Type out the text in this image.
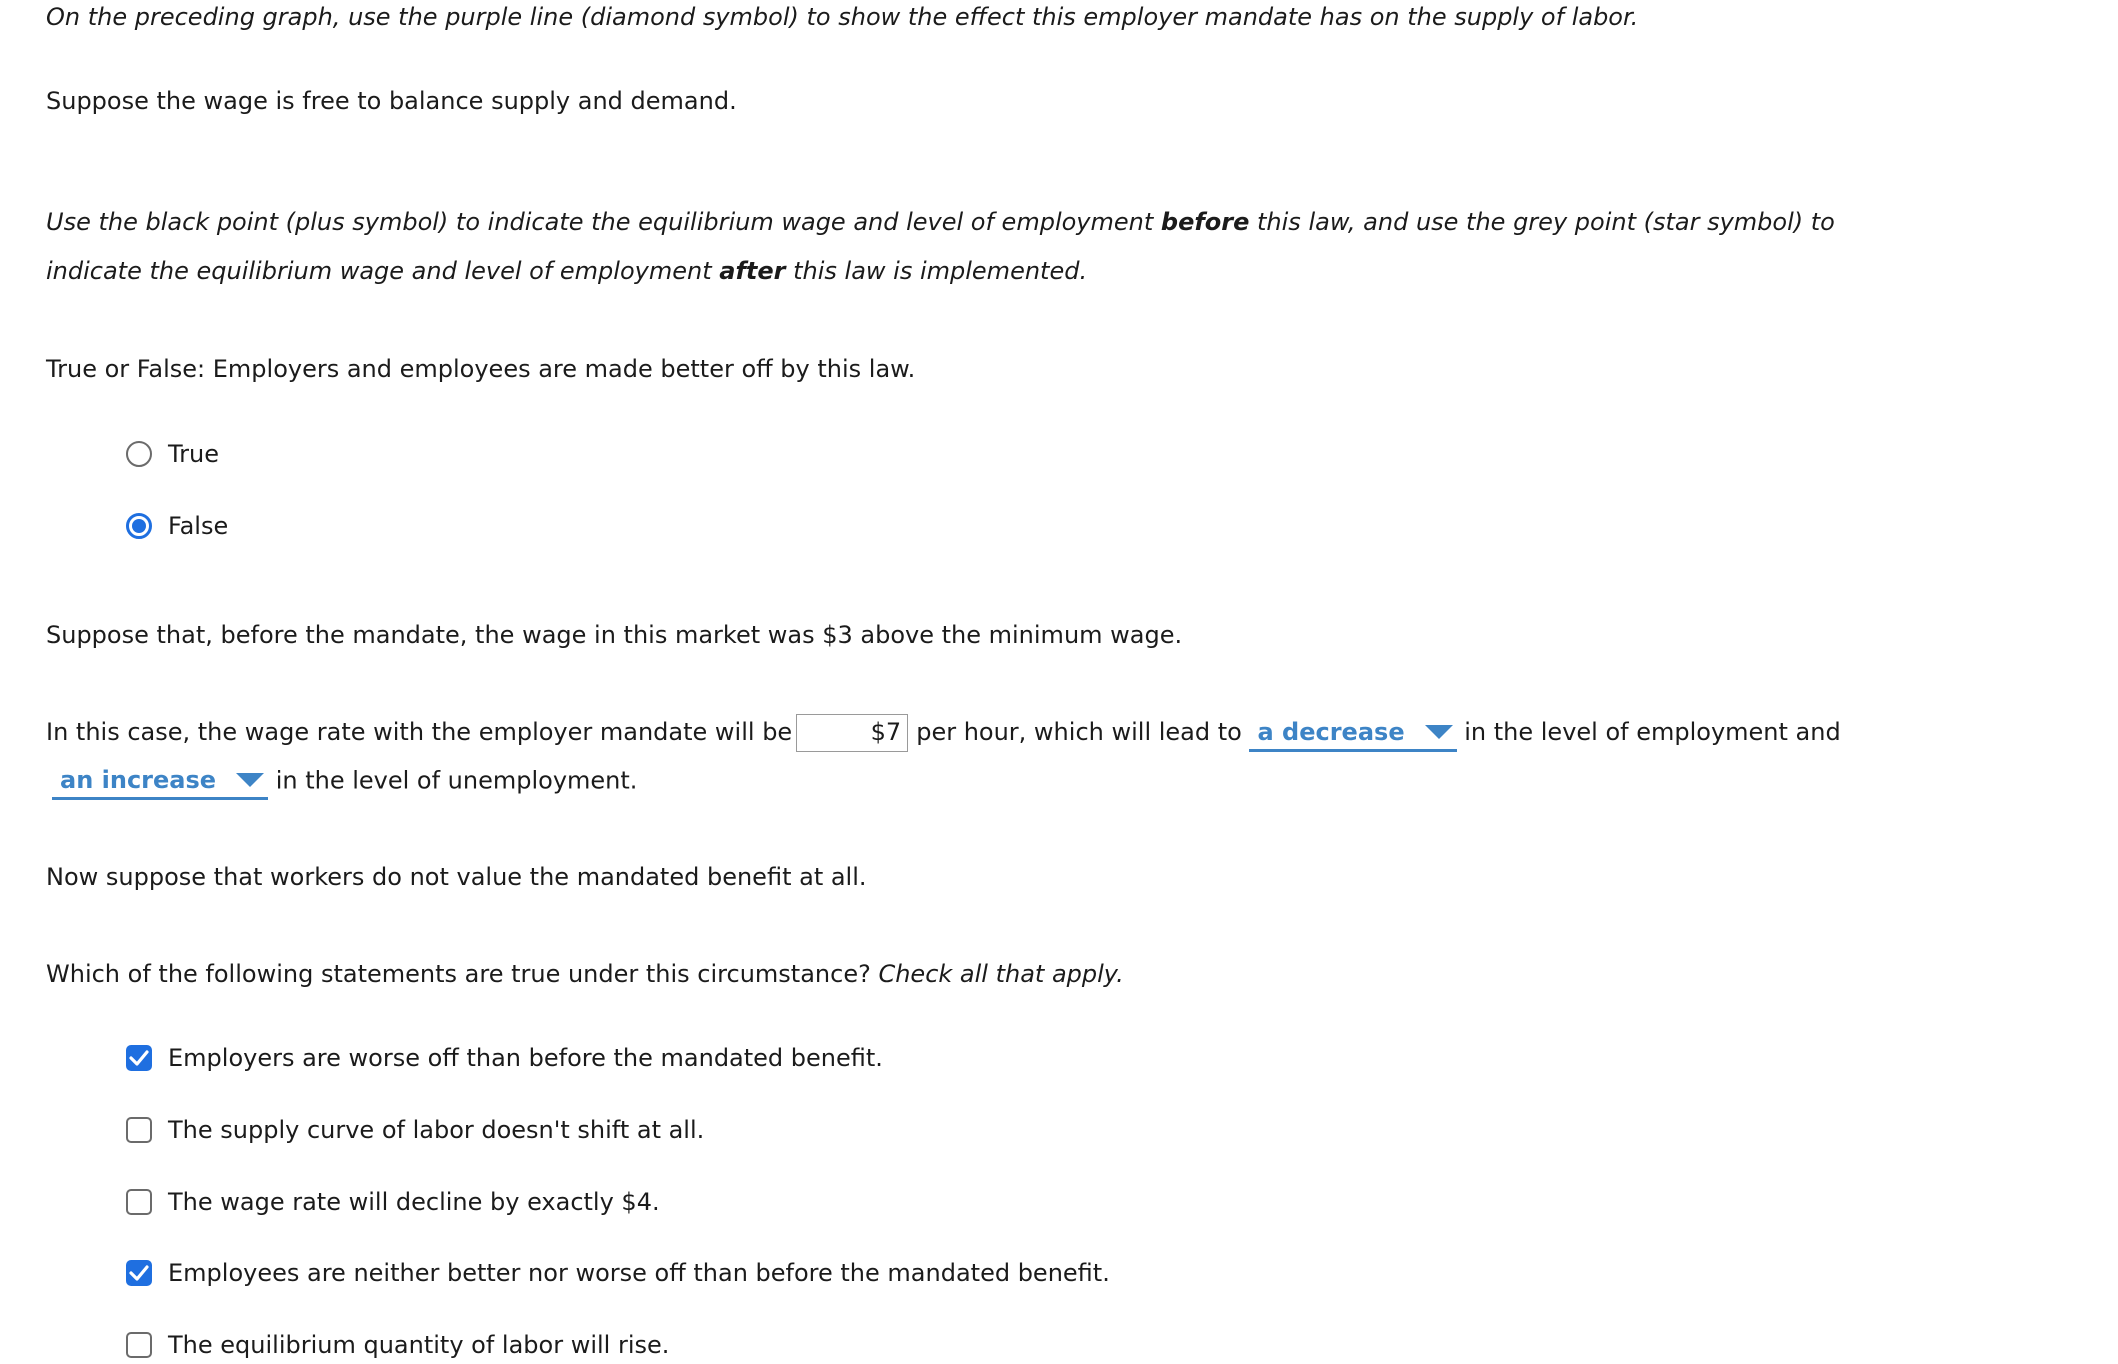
On the preceding graph, use the purple line (diamond symbol) to show the effect this employer mandate has on the supply of labor.
Suppose the wage is free to balance supply and demand.
Use the black point (plus symbol) to indicate the equilibrium wage and level of employment before this law, and use the grey point (star symbol) to
indicate the equilibrium wage and level of employment after this law is implemented.
True or False: Employers and employees are made better off by this law.
True
False
Suppose that, before the mandate, the wage in this market was $3 above the minimum wage.
In this case, the wage rate with the employer mandate will be	$7 per hour, which will lead to a decrease in the level of employment and
an increase in the level of unemployment.
Now suppose that workers do not value the mandated benefit at all.
Which of the following statements are true under this circumstance? Check all that apply.
Employers are worse off than before the mandated benefit.
The supply curve of labor doesn't shift at all.
The wage rate will decline by exactly $4.
Employees are neither better nor worse off than before the mandated benefit.
The equilibrium quantity of labor will rise.
